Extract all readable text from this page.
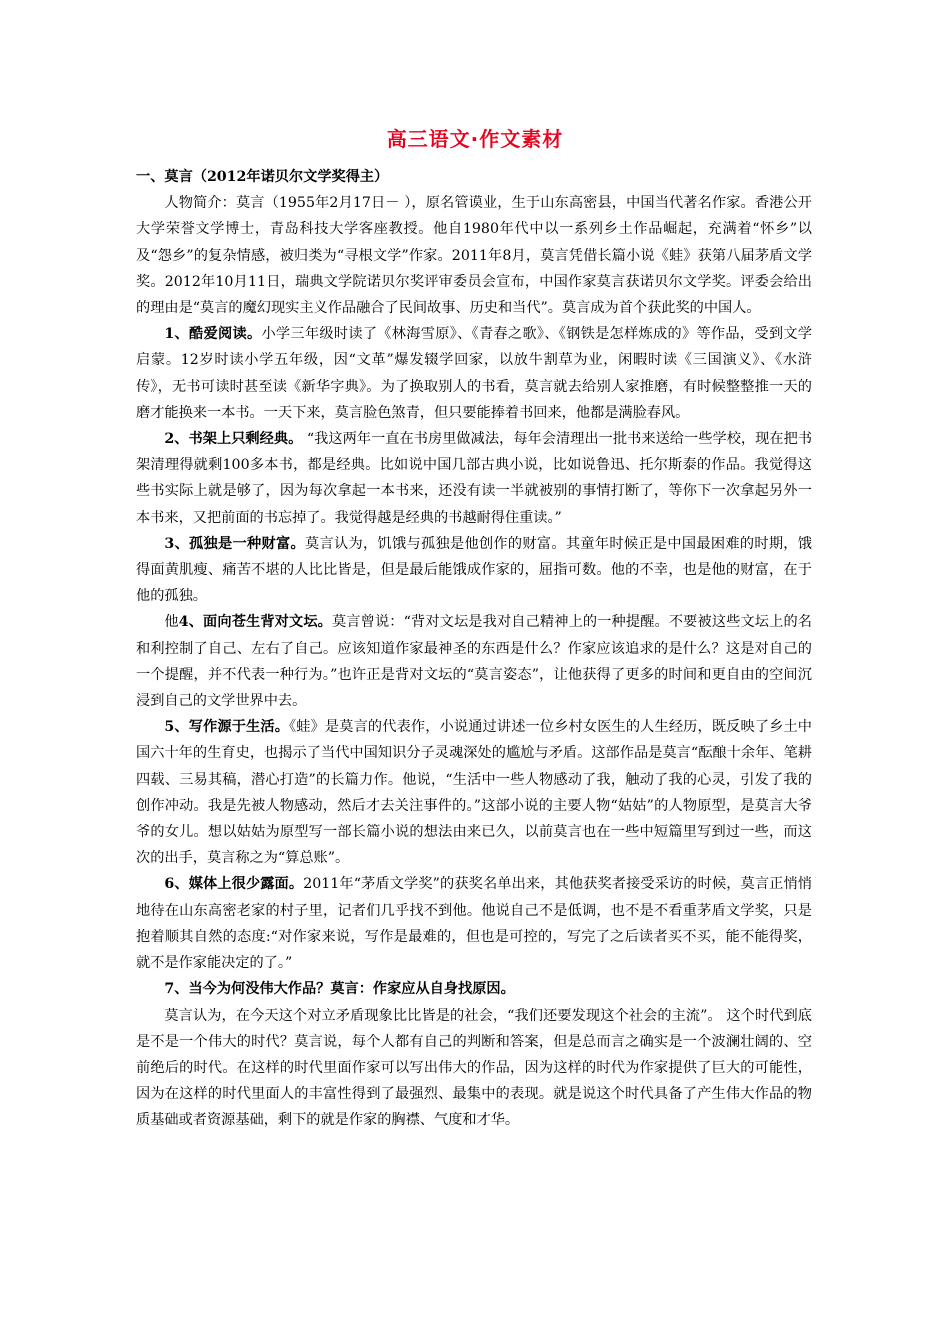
高三语文·作文素材

一、莫言（2012年诺贝尔文学奖得主）

人物简介：莫言（1955年2月17日－ ），原名管谟业，生于山东高密县，中国当代著名作家。香港公开大学荣誉文学博士，青岛科技大学客座教授。他自1980年代中以一系列乡土作品崛起，充满着“怀乡”以及“怨乡”的复杂情感，被归类为“寻根文学”作家。2011年8月，莫言凭借长篇小说《蛙》获第八届茅盾文学奖。2012年10月11日，瑞典文学院诺贝尔奖评审委员会宣布，中国作家莫言获诺贝尔文学奖。评委会给出的理由是“莫言的魔幻现实主义作品融合了民间故事、历史和当代”。莫言成为首个获此奖的中国人。

1、酷爱阅读。小学三年级时读了《林海雪原》、《青春之歌》、《钢铁是怎样炼成的》等作品，受到文学启蒙。12岁时读小学五年级，因“文革”爆发辍学回家，以放牛割草为业，闲暇时读《三国演义》、《水浒传》，无书可读时甚至读《新华字典》。为了换取别人的书看，莫言就去给别人家推磨，有时候整整推一天的磨才能换来一本书。一天下来，莫言脸色煞青，但只要能捧着书回来，他都是满脸春风。

2、书架上只剩经典。 “我这两年一直在书房里做减法，每年会清理出一批书来送给一些学校，现在把书架清理得就剩100多本书，都是经典。比如说中国几部古典小说，比如说鲁迅、托尔斯泰的作品。我觉得这些书实际上就是够了，因为每次拿起一本书来，还没有读一半就被别的事情打断了，等你下一次拿起另外一本书来，又把前面的书忘掉了。我觉得越是经典的书越耐得住重读。”

3、孤独是一种财富。莫言认为，饥饿与孤独是他创作的财富。其童年时候正是中国最困难的时期，饿得面黄肌瘦、痛苦不堪的人比比皆是，但是最后能饿成作家的，屈指可数。他的不幸，也是他的财富，在于他的孤独。

他4、面向苍生背对文坛。莫言曾说：“背对文坛是我对自己精神上的一种提醒。不要被这些文坛上的名和利控制了自己、左右了自己。应该知道作家最神圣的东西是什么？作家应该追求的是什么？这是对自己的一个提醒，并不代表一种行为。”也许正是背对文坛的“莫言姿态”，让他获得了更多的时间和更自由的空间沉浸到自己的文学世界中去。

5、写作源于生活。《蛙》是莫言的代表作，小说通过讲述一位乡村女医生的人生经历，既反映了乡土中国六十年的生育史，也揭示了当代中国知识分子灵魂深处的尴尬与矛盾。这部作品是莫言“酝酿十余年、笔耕四载、三易其稿，潜心打造”的长篇力作。他说，“生活中一些人物感动了我，触动了我的心灵，引发了我的创作冲动。我是先被人物感动，然后才去关注事件的。”这部小说的主要人物“姑姑”的人物原型，是莫言大爷爷的女儿。想以姑姑为原型写一部长篇小说的想法由来已久，以前莫言也在一些中短篇里写到过一些，而这次的出手，莫言称之为“算总账”。

6、媒体上很少露面。2011年“茅盾文学奖”的获奖名单出来，其他获奖者接受采访的时候，莫言正悄悄地待在山东高密老家的村子里，记者们几乎找不到他。他说自己不是低调，也不是不看重茅盾文学奖，只是抱着顺其自然的态度:“对作家来说，写作是最难的，但也是可控的，写完了之后读者买不买，能不能得奖，就不是作家能决定的了。”

7、当今为何没伟大作品？莫言：作家应从自身找原因。

莫言认为，在今天这个对立矛盾现象比比皆是的社会，“我们还要发现这个社会的主流”。 这个时代到底是不是一个伟大的时代？莫言说，每个人都有自己的判断和答案，但是总而言之确实是一个波澜壮阔的、空前绝后的时代。在这样的时代里面作家可以写出伟大的作品，因为这样的时代为作家提供了巨大的可能性，因为在这样的时代里面人的丰富性得到了最强烈、最集中的表现。就是说这个时代具备了产生伟大作品的物质基础或者资源基础，剩下的就是作家的胸襟、气度和才华。
